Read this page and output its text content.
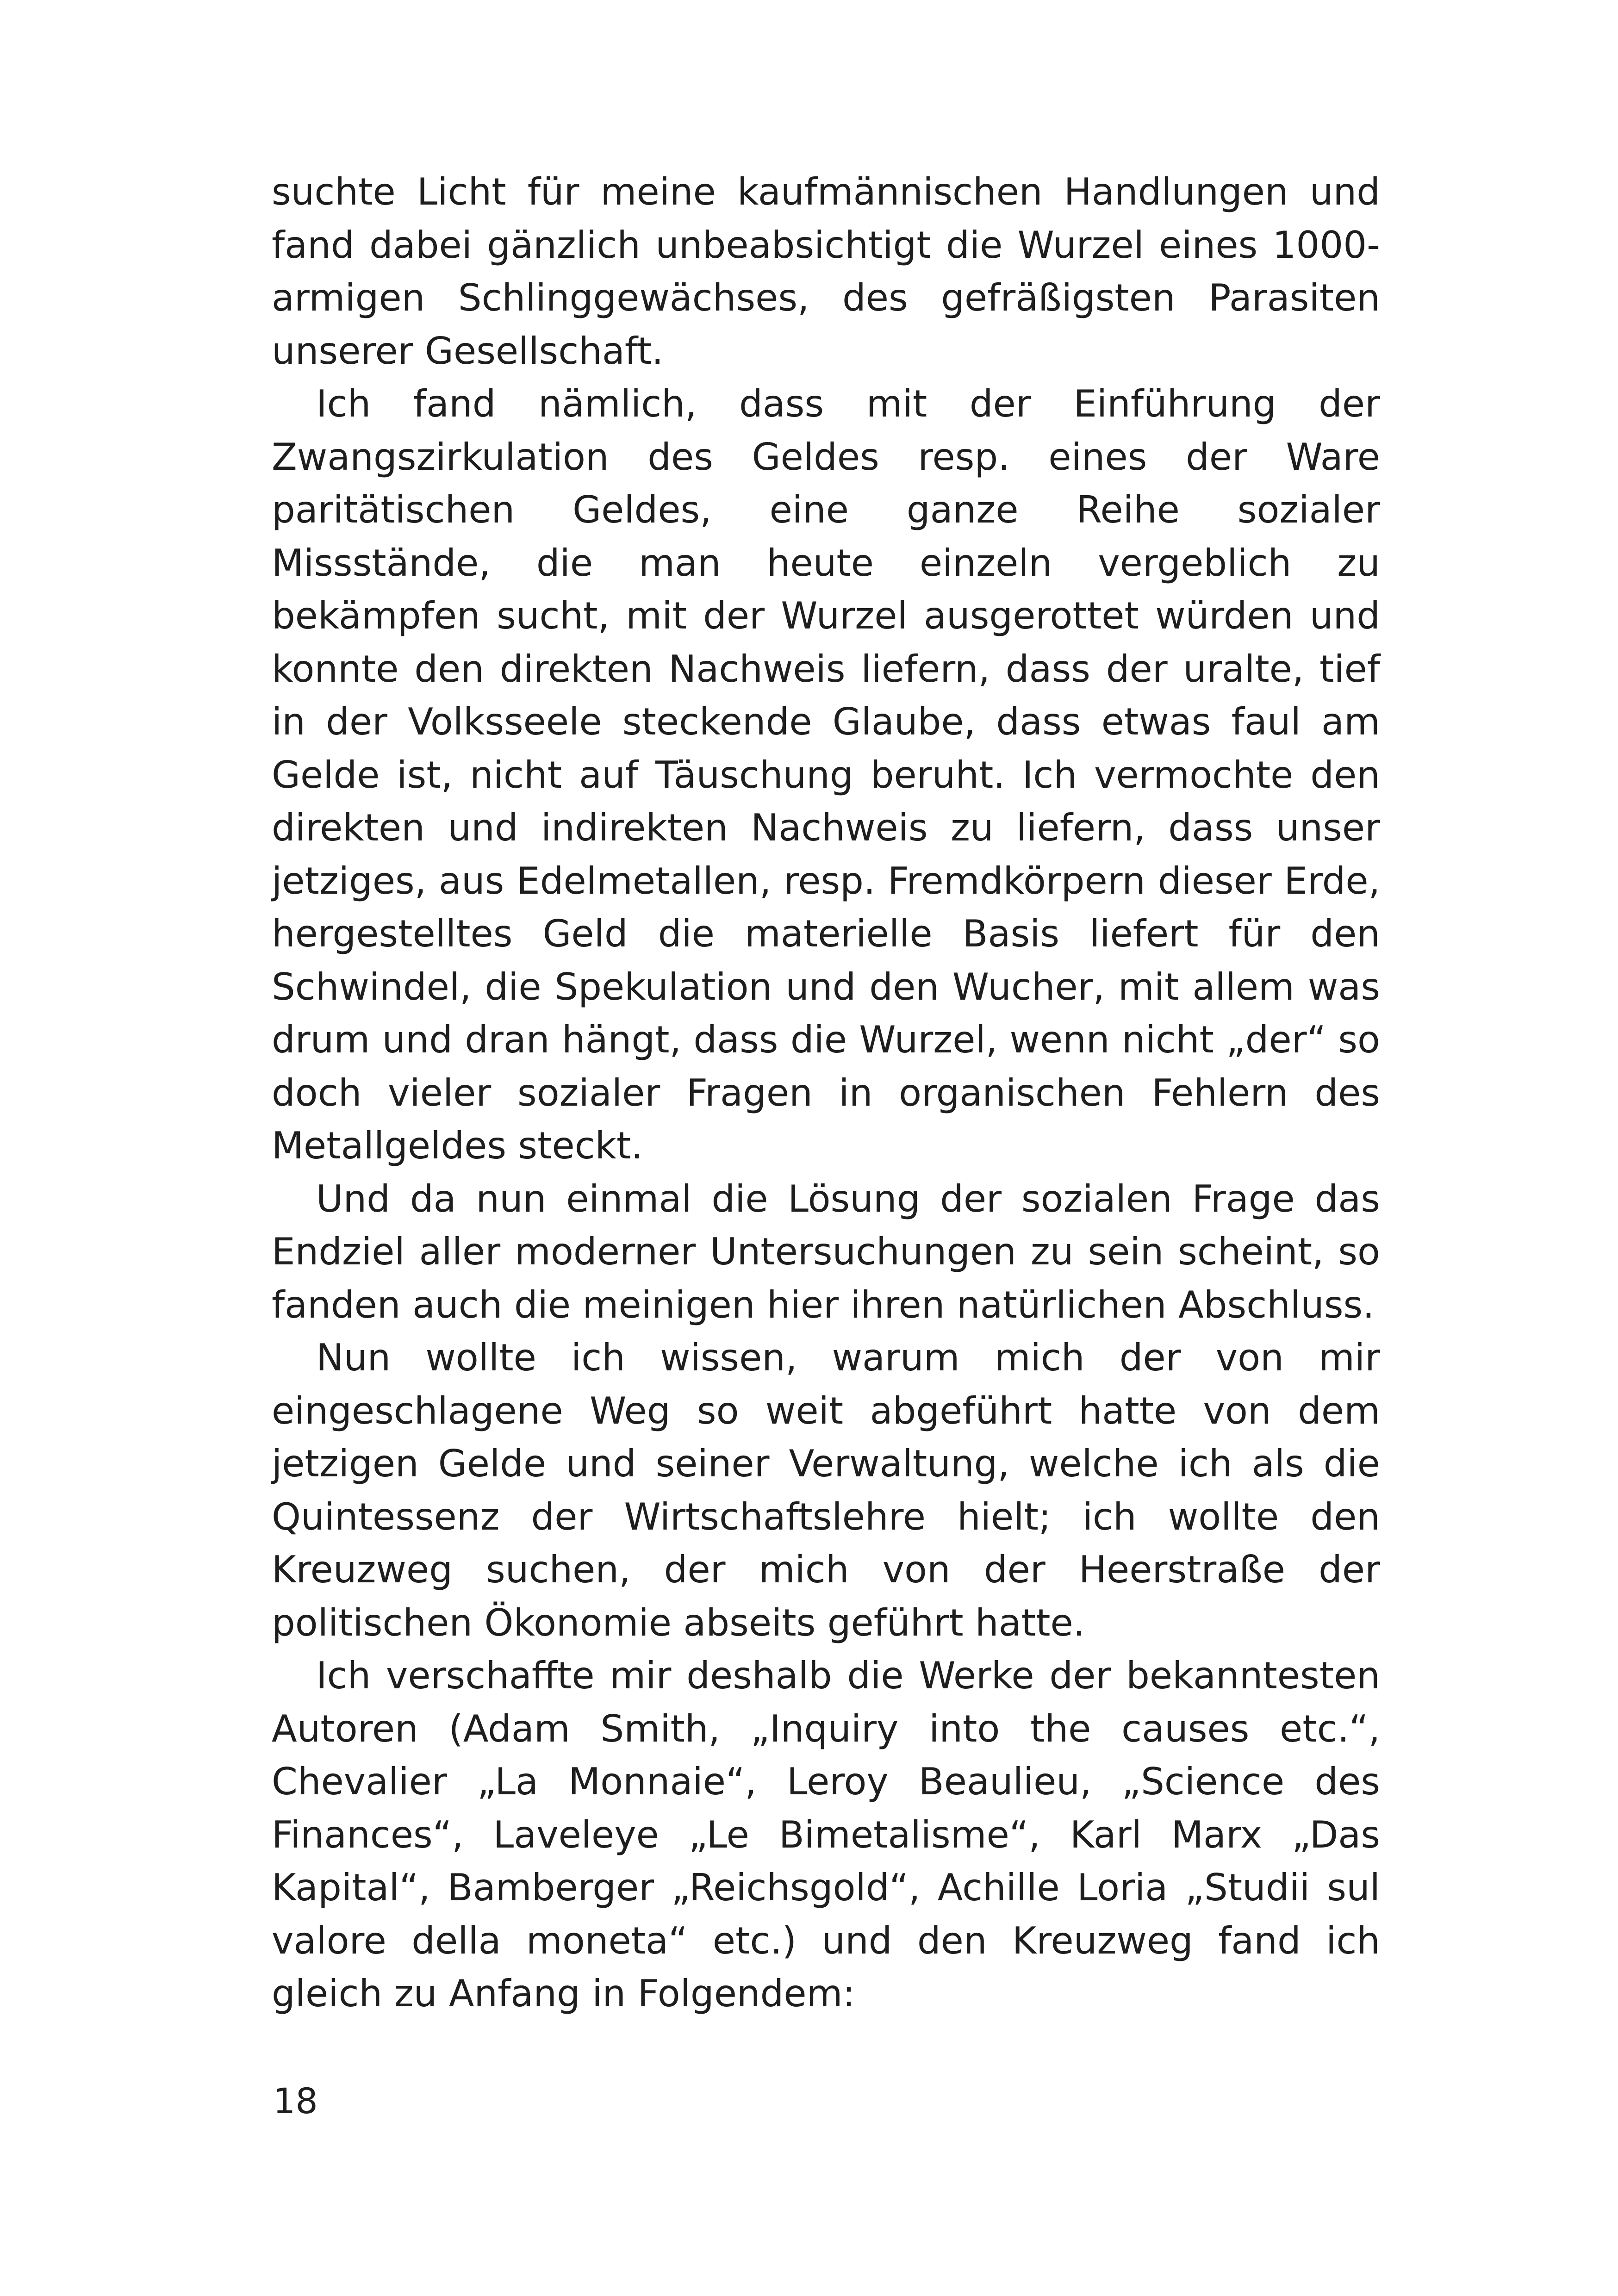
suchte Licht für meine kaufmännischen Handlungen und fand dabei gänzlich unbeabsichtigt die Wurzel eines 1000-armigen Schlinggewächses, des gefräßigsten Parasiten unserer Gesellschaft.

Ich fand nämlich, dass mit der Einführung der Zwangszirkulation des Geldes resp. eines der Ware paritätischen Geldes, eine ganze Reihe sozialer Missstände, die man heute einzeln vergeblich zu bekämpfen sucht, mit der Wurzel ausgerottet würden und konnte den direkten Nachweis liefern, dass der uralte, tief in der Volksseele steckende Glaube, dass etwas faul am Gelde ist, nicht auf Täuschung beruht. Ich vermochte den direkten und indirekten Nachweis zu liefern, dass unser jetziges, aus Edelmetallen, resp. Fremdkörpern dieser Erde, hergestelltes Geld die materielle Basis liefert für den Schwindel, die Spekulation und den Wucher, mit allem was drum und dran hängt, dass die Wurzel, wenn nicht „der“ so doch vieler sozialer Fragen in organischen Fehlern des Metallgeldes steckt.

Und da nun einmal die Lösung der sozialen Frage das Endziel aller moderner Untersuchungen zu sein scheint, so fanden auch die meinigen hier ihren natürlichen Abschluss.

Nun wollte ich wissen, warum mich der von mir eingeschlagene Weg so weit abgeführt hatte von dem jetzigen Gelde und seiner Verwaltung, welche ich als die Quintessenz der Wirtschaftslehre hielt; ich wollte den Kreuzweg suchen, der mich von der Heerstraße der politischen Ökonomie abseits geführt hatte.

Ich verschaffte mir deshalb die Werke der bekanntesten Autoren (Adam Smith, „Inquiry into the causes etc.“, Chevalier „La Monnaie“, Leroy Beaulieu, „Science des Finances“, Laveleye „Le Bimetalisme“, Karl Marx „Das Kapital“, Bamberger „Reichsgold“, Achille Loria „Studii sul valore della moneta“ etc.) und den Kreuzweg fand ich gleich zu Anfang in Folgendem:

18
